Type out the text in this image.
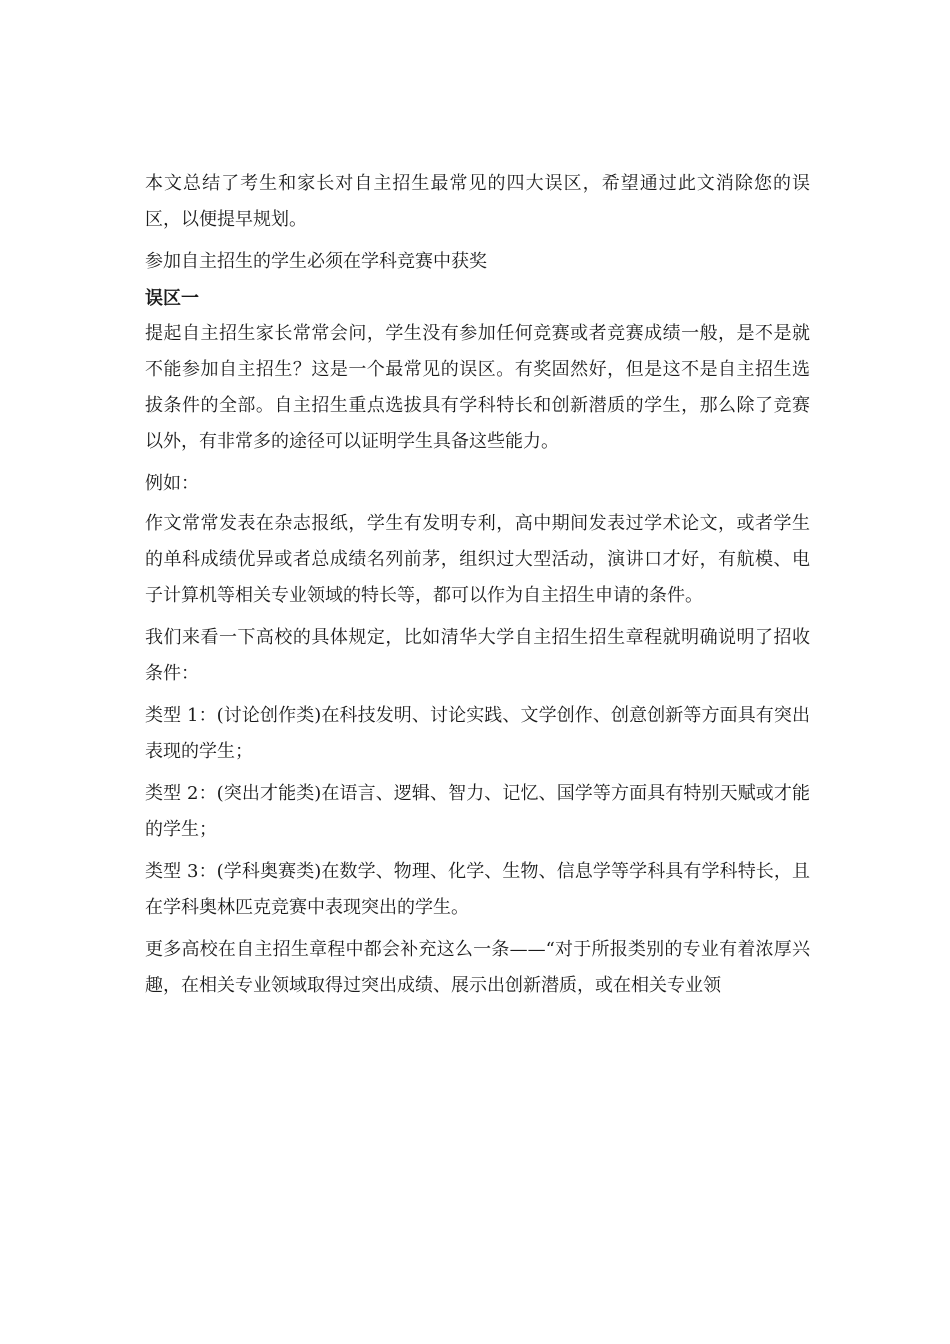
本文总结了考生和家长对自主招生最常见的四大误区，希望通过此文消除您的误区，以便提早规划。

参加自主招生的学生必须在学科竞赛中获奖

误区一

提起自主招生家长常常会问，学生没有参加任何竞赛或者竞赛成绩一般，是不是就不能参加自主招生？这是一个最常见的误区。有奖固然好，但是这不是自主招生选拔条件的全部。自主招生重点选拔具有学科特长和创新潜质的学生，那么除了竞赛以外，有非常多的途径可以证明学生具备这些能力。

例如：

作文常常发表在杂志报纸，学生有发明专利，高中期间发表过学术论文，或者学生的单科成绩优异或者总成绩名列前茅，组织过大型活动，演讲口才好，有航模、电子计算机等相关专业领域的特长等，都可以作为自主招生申请的条件。

我们来看一下高校的具体规定，比如清华大学自主招生招生章程就明确说明了招收条件：

类型 1：(讨论创作类)在科技发明、讨论实践、文学创作、创意创新等方面具有突出表现的学生；

类型 2：(突出才能类)在语言、逻辑、智力、记忆、国学等方面具有特别天赋或才能的学生；

类型 3：(学科奥赛类)在数学、物理、化学、生物、信息学等学科具有学科特长，且在学科奥林匹克竞赛中表现突出的学生。

更多高校在自主招生章程中都会补充这么一条——“对于所报类别的专业有着浓厚兴趣，在相关专业领域取得过突出成绩、展示出创新潜质，或在相关专业领
